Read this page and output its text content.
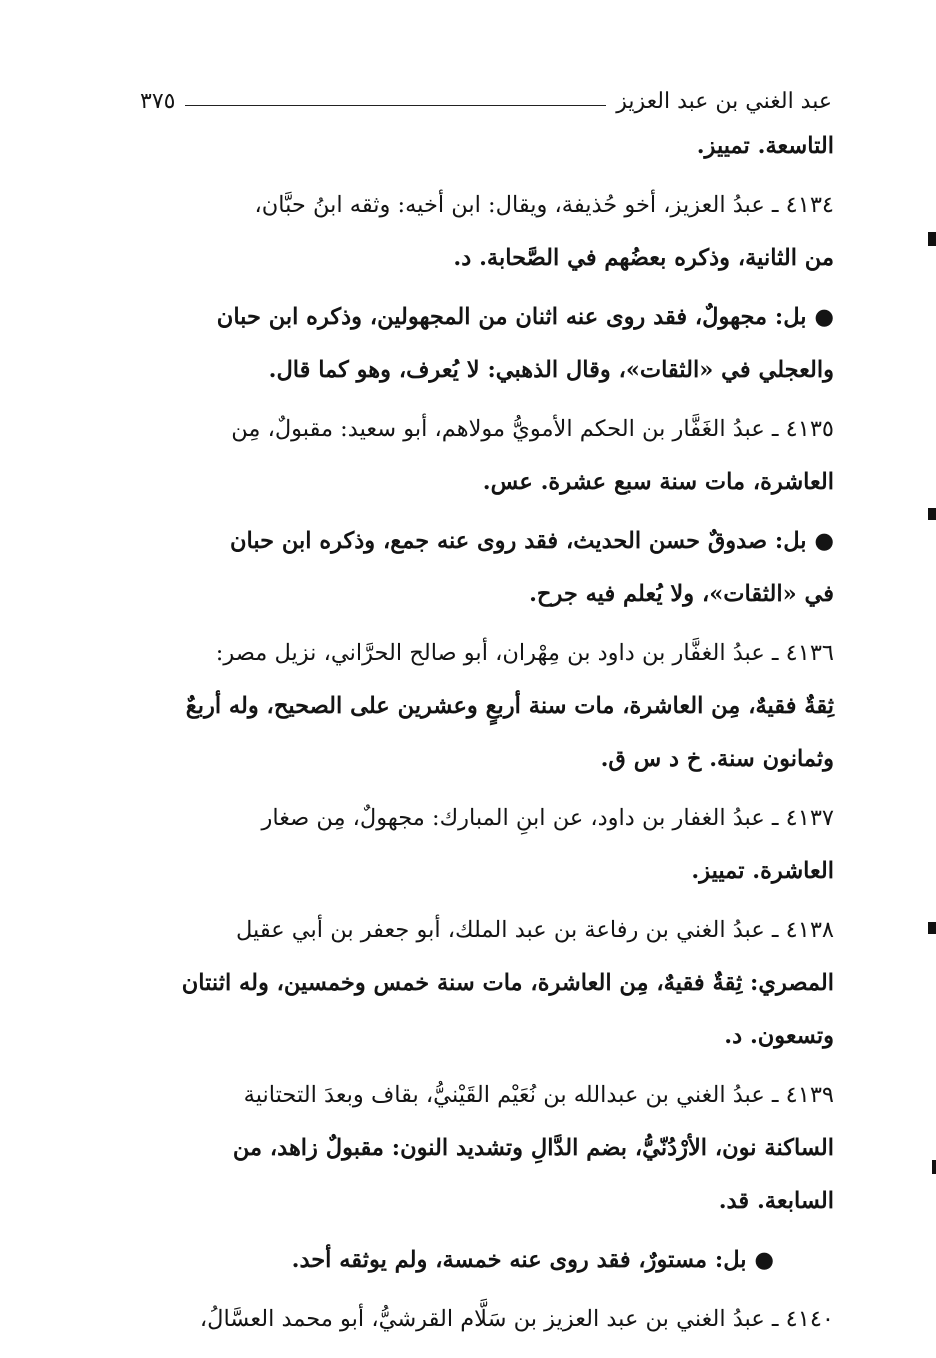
عبد الغني بن عبد العزيز
٣٧٥

التاسعة. تمييز.

٤١٣٤ ـ عبدُ العزيز، أخو حُذيفة، ويقال: ابن أخيه: وثقه ابنُ حبَّان،
من الثانية، وذكره بعضُهم في الصَّحابة. د.

● بل: مجهولٌ، فقد روى عنه اثنان من المجهولين، وذكره ابن حبان
والعجلي في «الثقات»، وقال الذهبي: لا يُعرف، وهو كما قال.

٤١٣٥ ـ عبدُ الغَفَّار بن الحكم الأمويُّ مولاهم، أبو سعيد: مقبولٌ، مِن
العاشرة، مات سنة سبع عشرة. عس.

● بل: صدوقٌ حسن الحديث، فقد روى عنه جمع، وذكره ابن حبان
في «الثقات»، ولا يُعلم فيه جرح.

٤١٣٦ ـ عبدُ الغفَّار بن داود بن مِهْران، أبو صالح الحرَّاني، نزيل مصر:
ثِقةٌ فقيهٌ، مِن العاشرة، مات سنة أربعٍ وعشرين على الصحيح، وله أربعٌ
وثمانون سنة. خ د س ق.

٤١٣٧ ـ عبدُ الغفار بن داود، عن ابنِ المبارك: مجهولٌ، مِن صغار
العاشرة. تمييز.

٤١٣٨ ـ عبدُ الغني بن رفاعة بن عبد الملك، أبو جعفر بن أبي عقيل
المصري: ثِقةٌ فقيهٌ، مِن العاشرة، مات سنة خمس وخمسين، وله اثنتان
وتسعون. د.

٤١٣٩ ـ عبدُ الغني بن عبدالله بن نُعَيْم القَيْنيُّ، بقاف وبعدَ التحتانية
الساكنة نون، الأرْدُنّيُّ، بضم الدَّالِ وتشديد النون: مقبولٌ زاهد، من
السابعة. قد.

● بل: مستورٌ، فقد روى عنه خمسة، ولم يوثقه أحد.

٤١٤٠ ـ عبدُ الغني بن عبد العزيز بن سَلَّام القرشيُّ، أبو محمد العسَّالُ،
